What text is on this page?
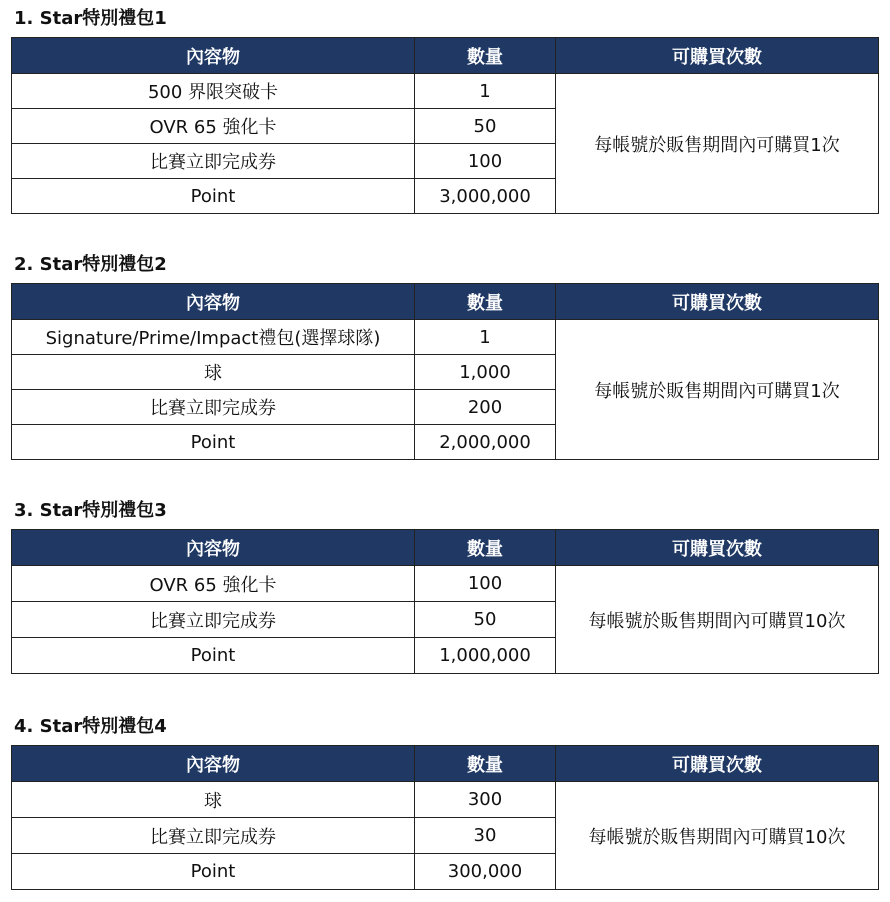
1. Star特別禮包1
內容物	數量	可購買次數
500 界限突破卡	1	每帳號於販售期間內可購買1次
OVR 65 強化卡	50	
比賽立即完成券	100	
Point	3,000,000	
2. Star特別禮包2
內容物	數量	可購買次數
Signature/Prime/Impact禮包(選擇球隊)	1	每帳號於販售期間內可購買1次
球	1,000	
比賽立即完成券	200	
Point	2,000,000	
3. Star特別禮包3
內容物	數量	可購買次數
OVR 65 強化卡	100	每帳號於販售期間內可購買10次
比賽立即完成券	50	
Point	1,000,000	
4. Star特別禮包4
內容物	數量	可購買次數
球	300	每帳號於販售期間內可購買10次
比賽立即完成券	30	
Point	300,000	
